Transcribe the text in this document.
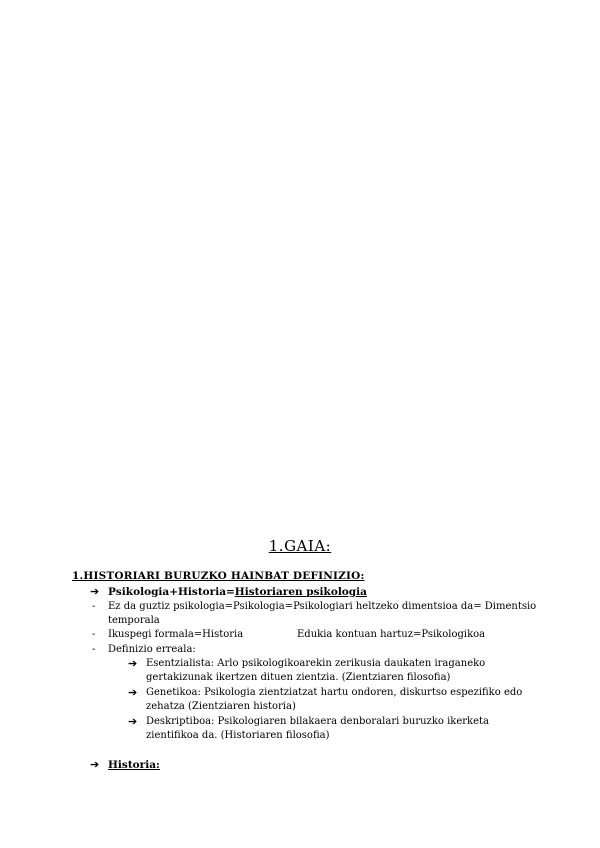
1.GAIA:
1.HISTORIARI BURUZKO HAINBAT DEFINIZIO:
➔ Psikologia+Historia=Historiaren psikologia
- Ez da guztiz psikologia=Psikologia=Psikologiari heltzeko dimentsioa da= Dimentsio
temporala
- Ikuspegi formala=Historia	Edukia kontuan hartuz=Psikologikoa
- Definizio erreala:
➔ Esentzialista: Arlo psikologikoarekin zerikusia daukaten iraganeko
gertakizunak ikertzen dituen zientzia. (Zientziaren filosofia)
➔ Genetikoa: Psikologia zientziatzat hartu ondoren, diskurtso espezifiko edo
zehatza (Zientziaren historia)
➔ Deskriptiboa: Psikologiaren bilakaera denboralari buruzko ikerketa
zientifikoa da. (Historiaren filosofia)
➔ Historia:
